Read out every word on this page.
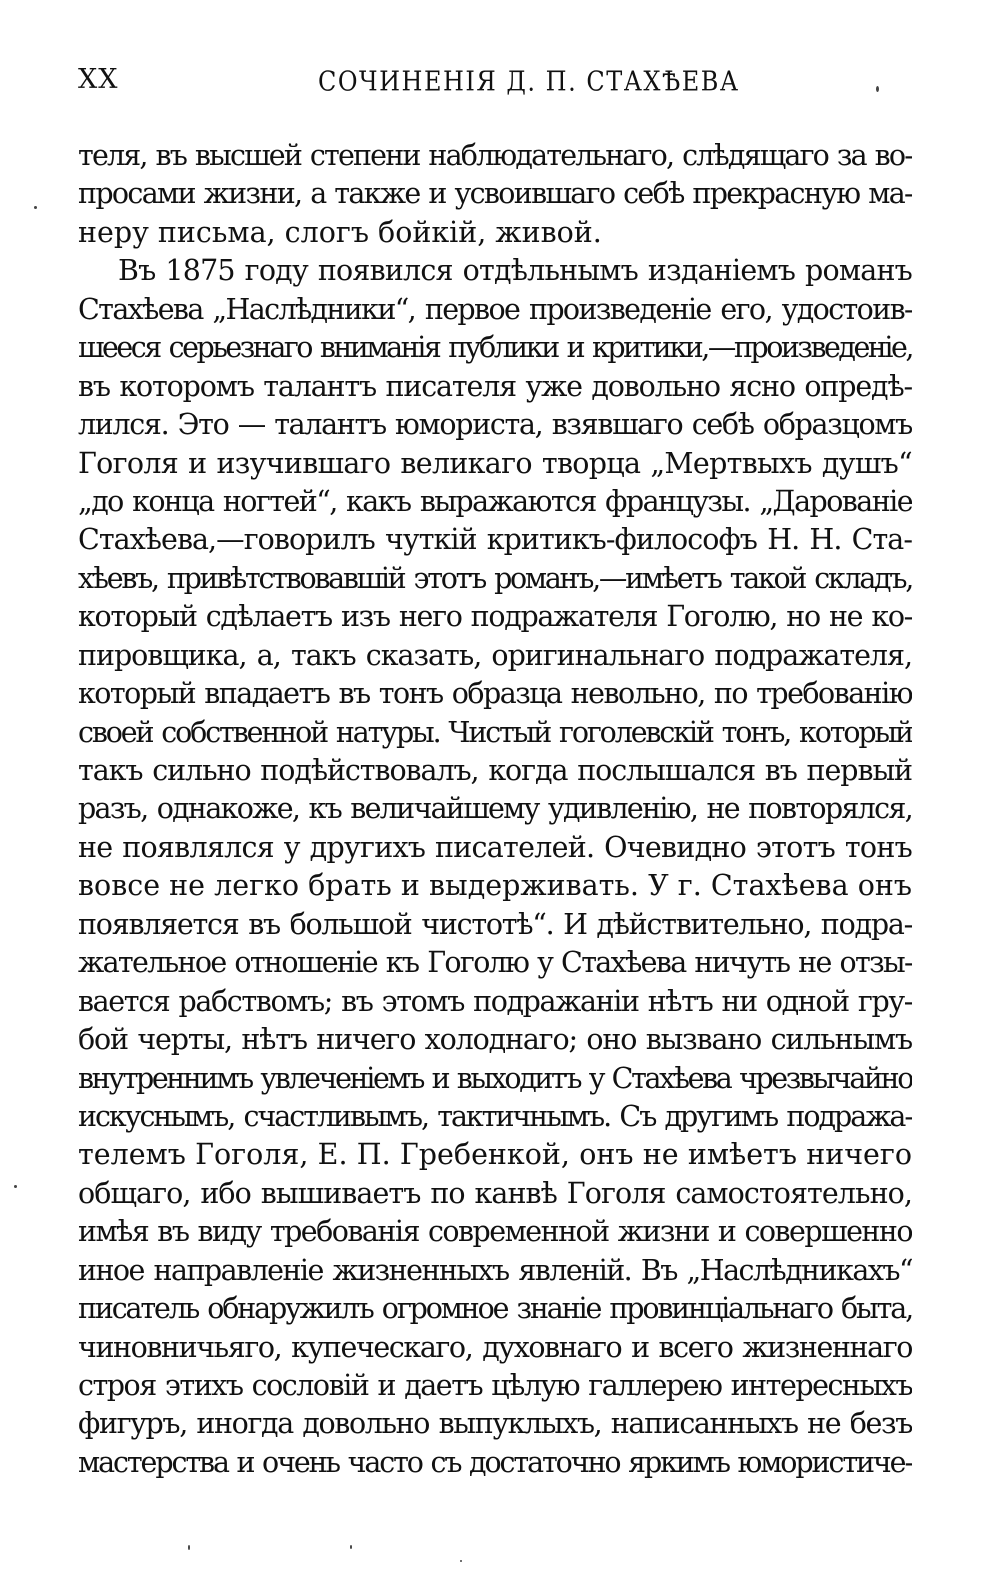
XX	СОЧИНЕНІЯ Д. П. СТАХѢЕВА
теля, въ высшей степени наблюдательнаго, слѣдящаго за во-
просами жизни, а также и усвоившаго себѣ прекрасную ма-
неру письма, слогъ бойкій, живой.
Въ 1875 году появился отдѣльнымъ изданіемъ романъ
Стахѣева „Наслѣдники“, первое произведеніе его, удостоив-
шееся серьезнаго вниманія публики и критики,—произведеніе,
въ которомъ талантъ писателя уже довольно ясно опредѣ-
лился. Это — талантъ юмориста, взявшаго себѣ образцомъ
Гоголя и изучившаго великаго творца „Мертвыхъ душъ“
„до конца ногтей“, какъ выражаются французы. „Дарованіе
Стахѣева,—говорилъ чуткій критикъ-философъ Н. Н. Ста-
хѣевъ, привѣтствовавшій этотъ романъ,—имѣетъ такой складъ,
который сдѣлаетъ изъ него подражателя Гоголю, но не ко-
пировщика, а, такъ сказать, оригинальнаго подражателя,
который впадаетъ въ тонъ образца невольно, по требованію
своей собственной натуры. Чистый гоголевскій тонъ, который
такъ сильно подѣйствовалъ, когда послышался въ первый
разъ, однакоже, къ величайшему удивленію, не повторялся,
не появлялся у другихъ писателей. Очевидно этотъ тонъ
вовсе не легко брать и выдерживать. У г. Стахѣева онъ
появляется въ большой чистотѣ“. И дѣйствительно, подра-
жательное отношеніе къ Гоголю у Стахѣева ничуть не отзы-
вается рабствомъ; въ этомъ подражаніи нѣтъ ни одной гру-
бой черты, нѣтъ ничего холоднаго; оно вызвано сильнымъ
внутреннимъ увлеченіемъ и выходитъ у Стахѣева чрезвычайно
искуснымъ, счастливымъ, тактичнымъ. Съ другимъ подража-
телемъ Гоголя, Е. П. Гребенкой, онъ не имѣетъ ничего
общаго, ибо вышиваетъ по канвѣ Гоголя самостоятельно,
имѣя въ виду требованія современной жизни и совершенно
иное направленіе жизненныхъ явленій. Въ „Наслѣдникахъ“
писатель обнаружилъ огромное знаніе провинціальнаго быта,
чиновничьяго, купеческаго, духовнаго и всего жизненнаго
строя этихъ сословій и даетъ цѣлую галлерею интересныхъ
фигуръ, иногда довольно выпуклыхъ, написанныхъ не безъ
мастерства и очень часто съ достаточно яркимъ юмористиче-
